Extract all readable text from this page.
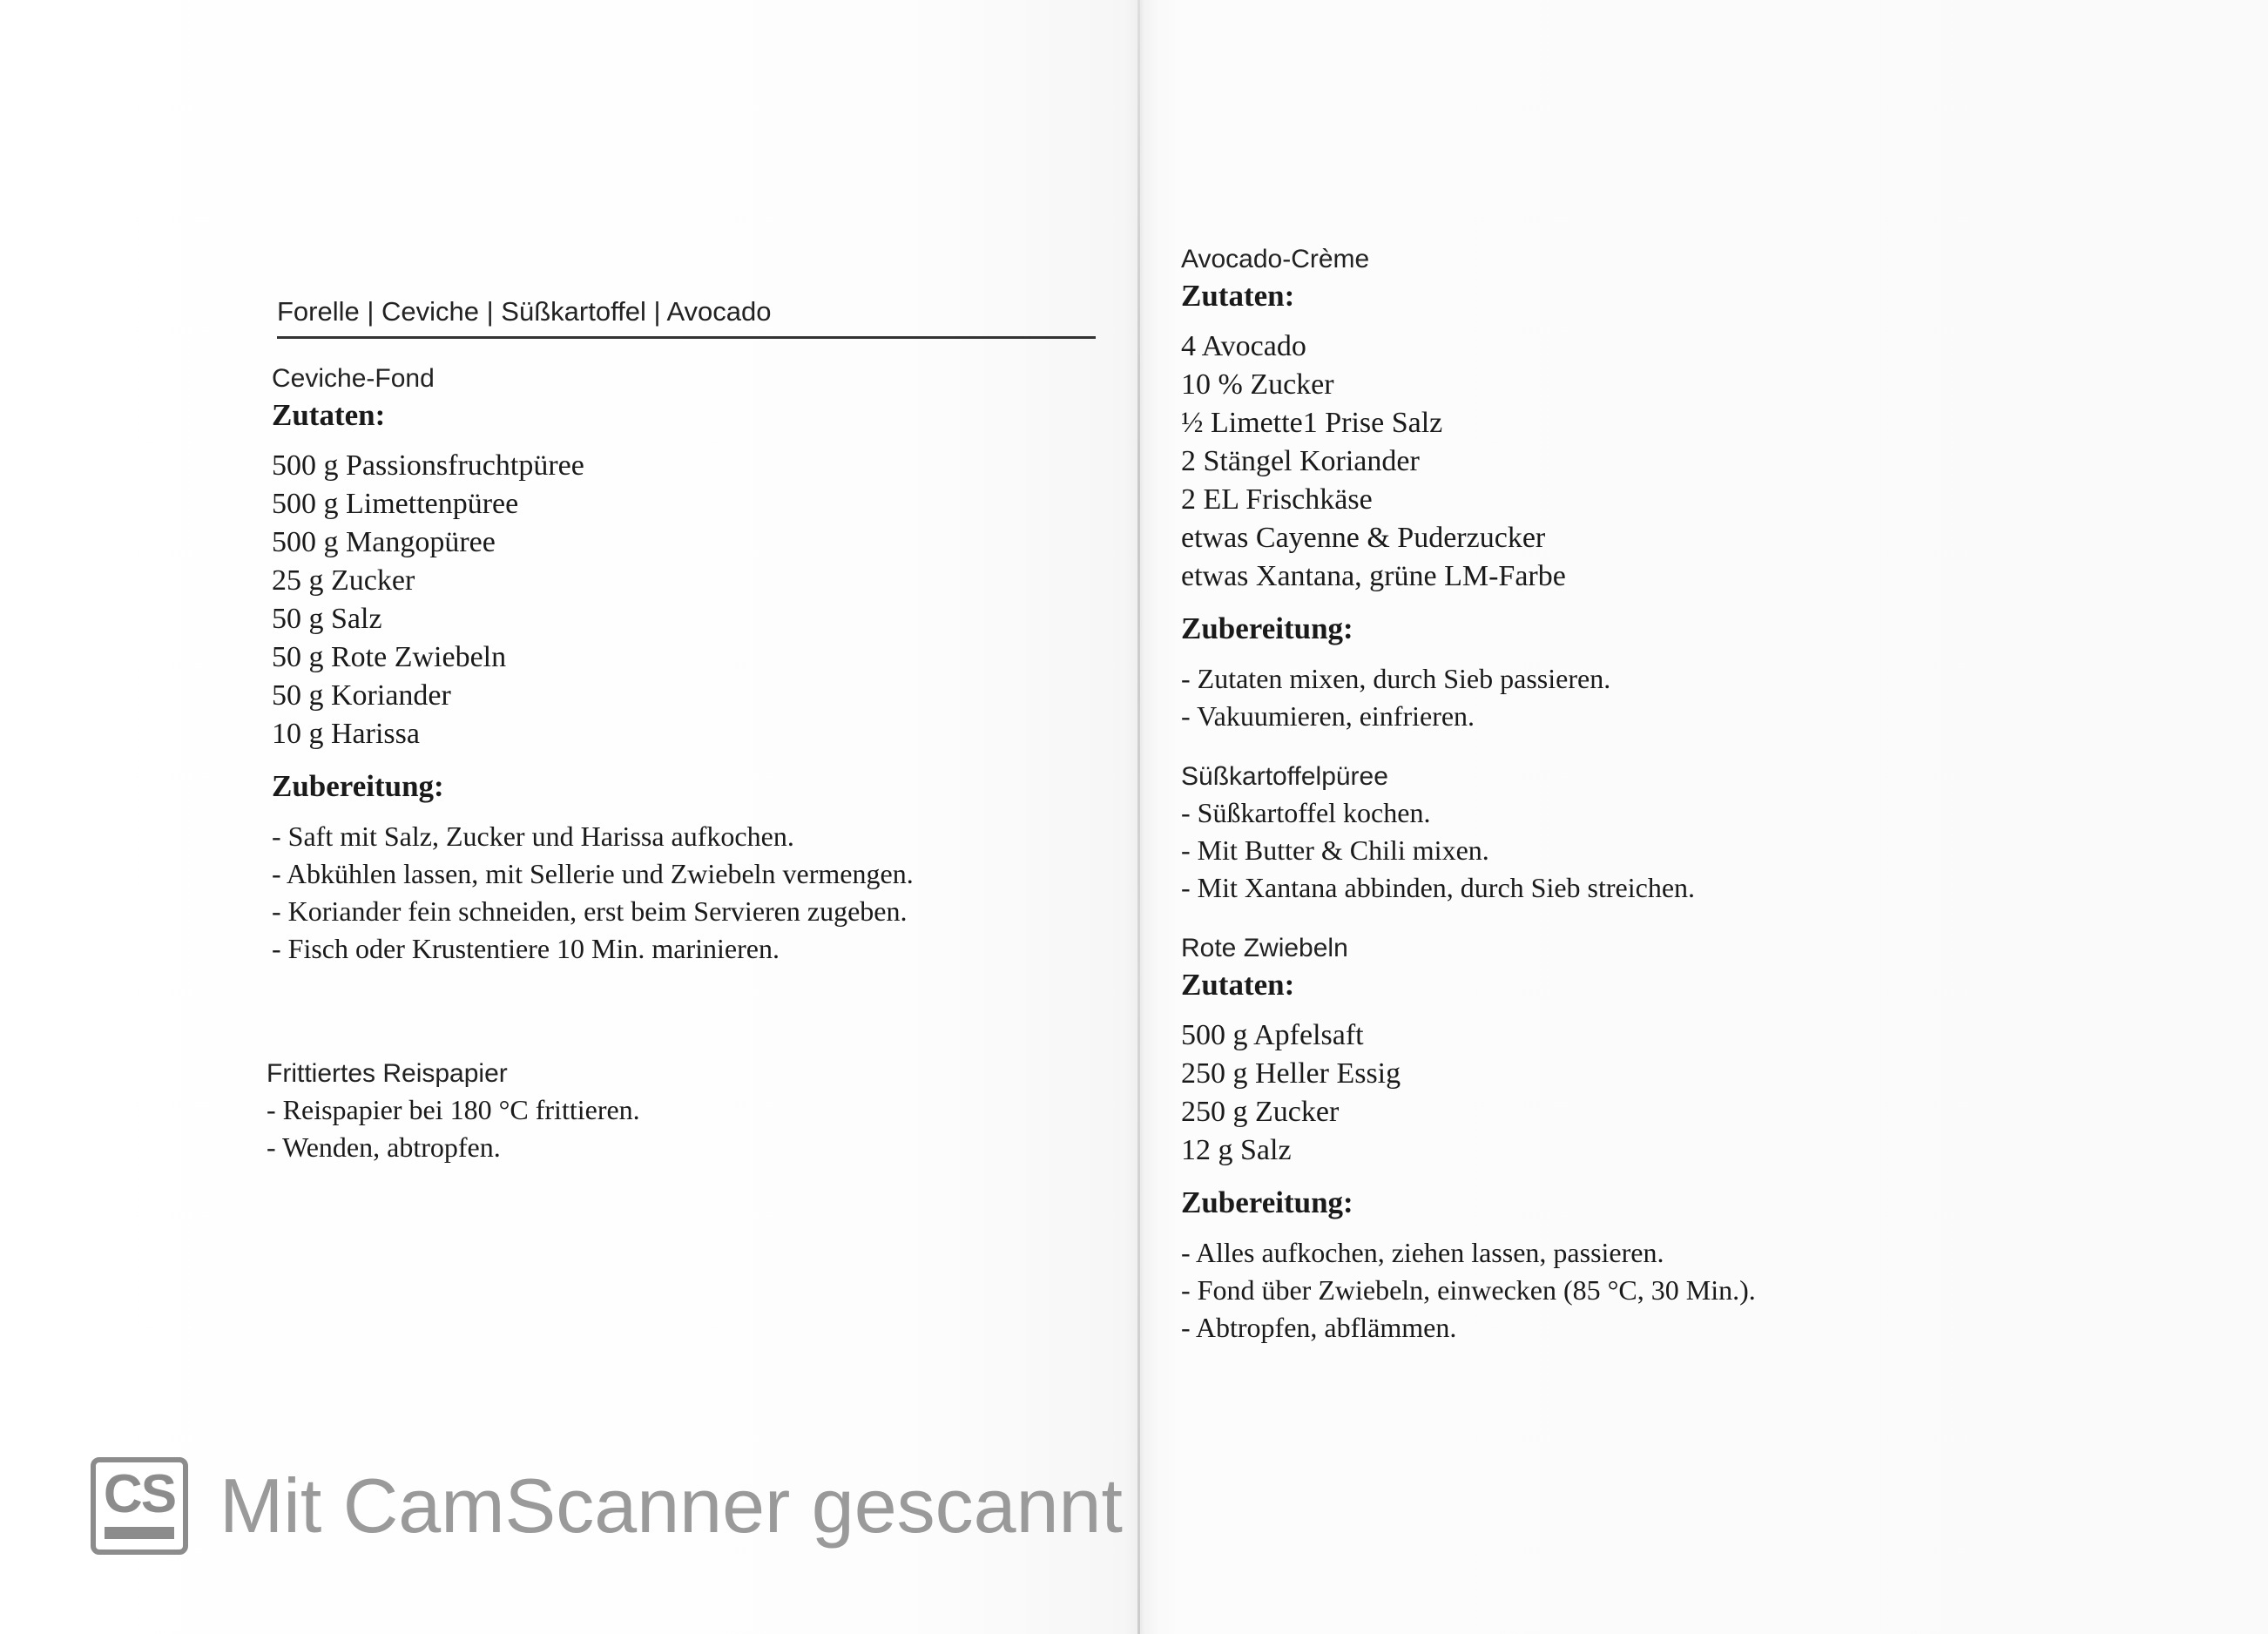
Forelle | Ceviche | Süßkartoffel | Avocado
Ceviche-Fond
Zutaten:
500 g Passionsfruchtpüree
500 g Limettenpüree
500 g Mangopüree
25 g Zucker
50 g Salz
50 g Rote Zwiebeln
50 g Koriander
10 g Harissa
Zubereitung:
- Saft mit Salz, Zucker und Harissa aufkochen.
- Abkühlen lassen, mit Sellerie und Zwiebeln vermengen.
- Koriander fein schneiden, erst beim Servieren zugeben.
- Fisch oder Krustentiere 10 Min. marinieren.
Frittiertes Reispapier
- Reispapier bei 180 °C frittieren.
- Wenden, abtropfen.
Avocado-Crème
Zutaten:
4 Avocado
10 % Zucker
½ Limette1 Prise Salz
2 Stängel Koriander
2 EL Frischkäse
etwas Cayenne & Puderzucker
etwas Xantana, grüne LM-Farbe
Zubereitung:
- Zutaten mixen, durch Sieb passieren.
- Vakuumieren, einfrieren.
Süßkartoffelpüree
- Süßkartoffel kochen.
- Mit Butter & Chili mixen.
- Mit Xantana abbinden, durch Sieb streichen.
Rote Zwiebeln
Zutaten:
500 g Apfelsaft
250 g Heller Essig
250 g Zucker
12 g Salz
Zubereitung:
- Alles aufkochen, ziehen lassen, passieren.
- Fond über Zwiebeln, einwecken (85 °C, 30 Min.).
- Abtropfen, abflämmen.
CS Mit CamScanner gescannt
